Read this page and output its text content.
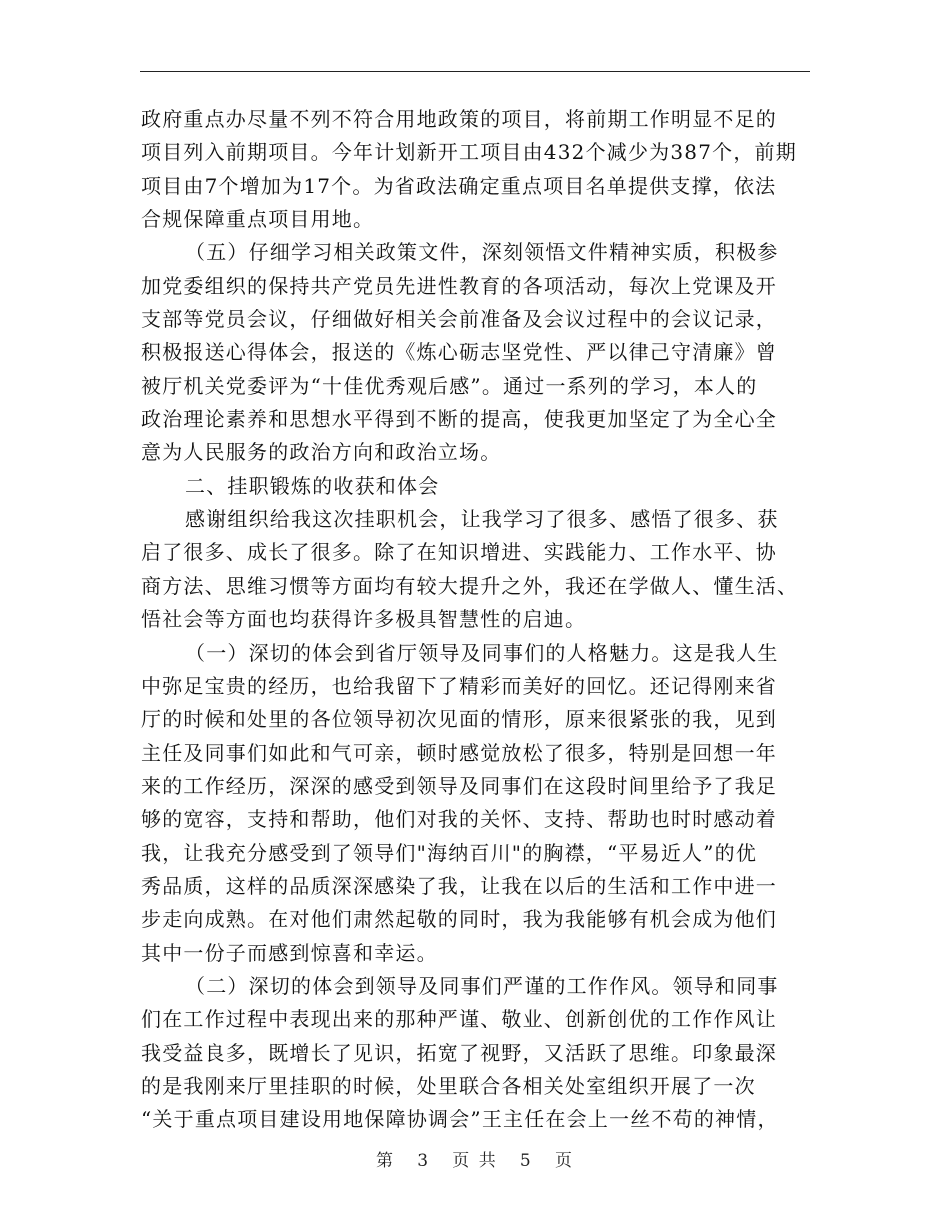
政府重点办尽量不列不符合用地政策的项目，将前期工作明显不足的
项目列入前期项目。今年计划新开工项目由432个减少为387个，前期
项目由7个增加为17个。为省政法确定重点项目名单提供支撑，依法
合规保障重点项目用地。
（五）仔细学习相关政策文件，深刻领悟文件精神实质，积极参
加党委组织的保持共产党员先进性教育的各项活动，每次上党课及开
支部等党员会议，仔细做好相关会前准备及会议过程中的会议记录，
积极报送心得体会，报送的《炼心砺志坚党性、严以律己守清廉》曾
被厅机关党委评为“十佳优秀观后感”。通过一系列的学习，本人的
政治理论素养和思想水平得到不断的提高，使我更加坚定了为全心全
意为人民服务的政治方向和政治立场。
二、挂职锻炼的收获和体会
感谢组织给我这次挂职机会，让我学习了很多、感悟了很多、获
启了很多、成长了很多。除了在知识增进、实践能力、工作水平、协
商方法、思维习惯等方面均有较大提升之外，我还在学做人、懂生活、
悟社会等方面也均获得许多极具智慧性的启迪。
（一）深切的体会到省厅领导及同事们的人格魅力。这是我人生
中弥足宝贵的经历，也给我留下了精彩而美好的回忆。还记得刚来省
厅的时候和处里的各位领导初次见面的情形，原来很紧张的我，见到
主任及同事们如此和气可亲，顿时感觉放松了很多，特别是回想一年
来的工作经历，深深的感受到领导及同事们在这段时间里给予了我足
够的宽容，支持和帮助，他们对我的关怀、支持、帮助也时时感动着
我，让我充分感受到了领导们"海纳百川"的胸襟，“平易近人”的优
秀品质，这样的品质深深感染了我，让我在以后的生活和工作中进一
步走向成熟。在对他们肃然起敬的同时，我为我能够有机会成为他们
其中一份子而感到惊喜和幸运。
（二）深切的体会到领导及同事们严谨的工作作风。领导和同事
们在工作过程中表现出来的那种严谨、敬业、创新创优的工作作风让
我受益良多，既增长了见识，拓宽了视野，又活跃了思维。印象最深
的是我刚来厅里挂职的时候，处里联合各相关处室组织开展了一次
“关于重点项目建设用地保障协调会”王主任在会上一丝不苟的神情，
第 3 页 共 5 页
